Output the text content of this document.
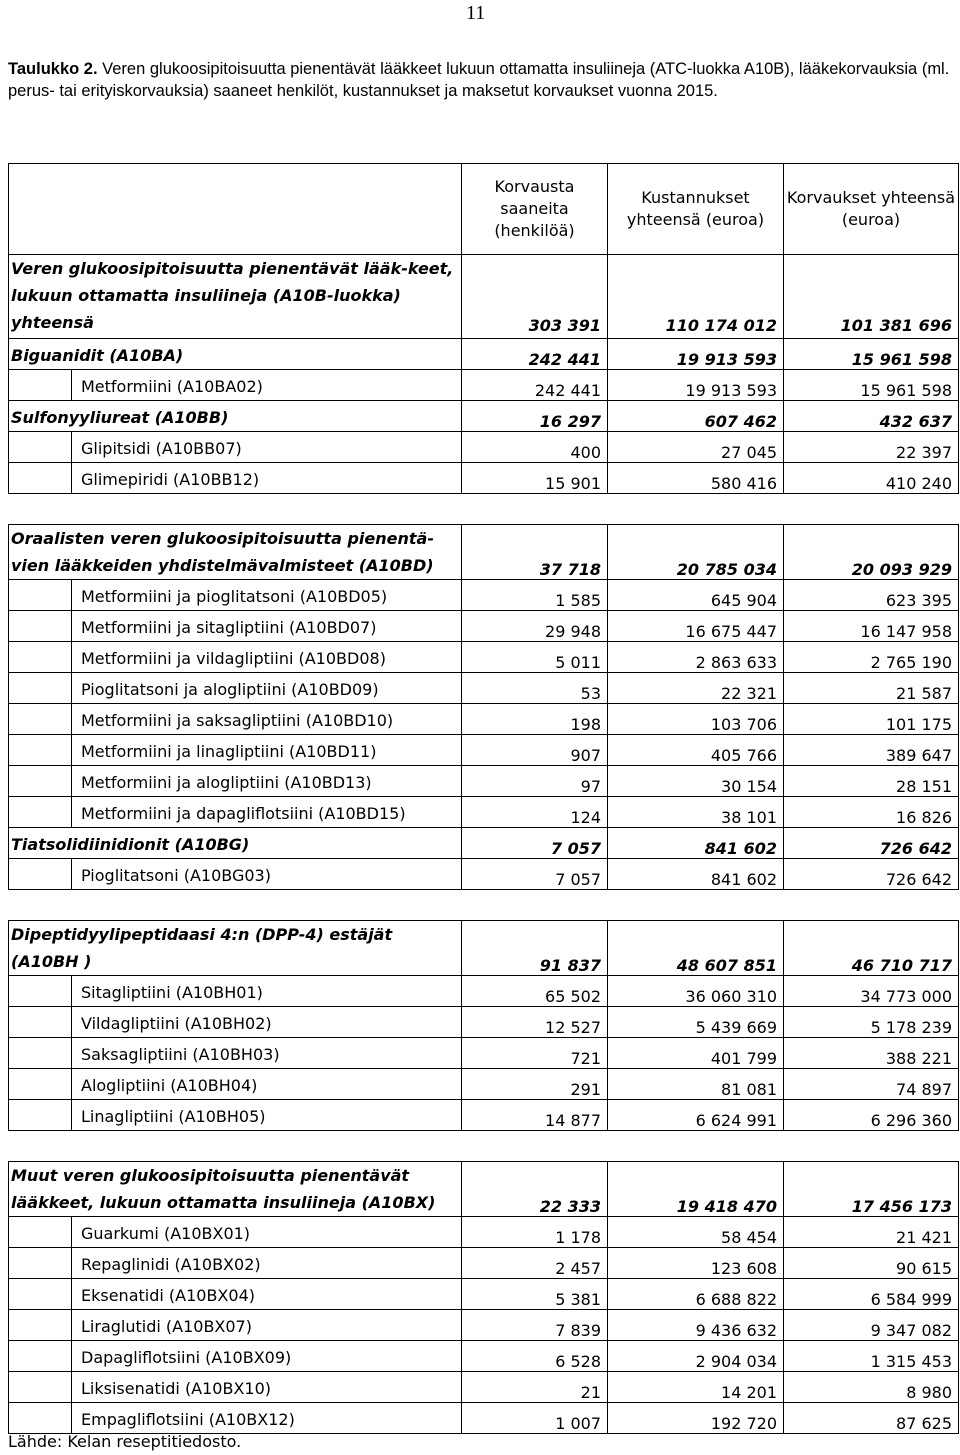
11
Taulukko 2. Veren glukoosipitoisuutta pienentävät lääkkeet lukuun ottamatta insuliineja (ATC-luokka A10B), lääkekorvauksia (ml. perus- tai erityiskorvauksia) saaneet henkilöt, kustannukset ja maksetut korvaukset vuonna 2015.
		Korvausta saaneita (henkilöä)	Kustannukset yhteensä (euroa)	Korvaukset yhteensä (euroa)
Veren glukoosipitoisuutta pienentävät lääk-keet, lukuun ottamatta insuliineja (A10B-luokka) yhteensä		303 391	110 174 012	101 381 696
Biguanidit (A10BA)		242 441	19 913 593	15 961 598
	Metformiini (A10BA02)	242 441	19 913 593	15 961 598
Sulfonyyliureat (A10BB)		16 297	607 462	432 637
	Glipitsidi (A10BB07)	400	27 045	22 397
	Glimepiridi (A10BB12)	15 901	580 416	410 240

Oraalisten veren glukoosipitoisuutta pienentä-vien lääkkeiden yhdistelmävalmisteet (A10BD)		37 718	20 785 034	20 093 929
	Metformiini ja pioglitatsoni (A10BD05)	1 585	645 904	623 395
	Metformiini ja sitagliptiini (A10BD07)	29 948	16 675 447	16 147 958
	Metformiini ja vildagliptiini (A10BD08)	5 011	2 863 633	2 765 190
	Pioglitatsoni ja alogliptiini (A10BD09)	53	22 321	21 587
	Metformiini ja saksagliptiini (A10BD10)	198	103 706	101 175
	Metformiini ja linagliptiini (A10BD11)	907	405 766	389 647
	Metformiini ja alogliptiini (A10BD13)	97	30 154	28 151
	Metformiini ja dapagliflotsiini (A10BD15)	124	38 101	16 826
Tiatsolidiinidionit (A10BG)		7 057	841 602	726 642
	Pioglitatsoni (A10BG03)	7 057	841 602	726 642

Dipeptidyylipeptidaasi 4:n (DPP-4) estäjät (A10BH )		91 837	48 607 851	46 710 717
	Sitagliptiini (A10BH01)	65 502	36 060 310	34 773 000
	Vildagliptiini (A10BH02)	12 527	5 439 669	5 178 239
	Saksagliptiini (A10BH03)	721	401 799	388 221
	Alogliptiini (A10BH04)	291	81 081	74 897
	Linagliptiini (A10BH05)	14 877	6 624 991	6 296 360

Muut veren glukoosipitoisuutta pienentävät lääkkeet, lukuun ottamatta insuliineja (A10BX)		22 333	19 418 470	17 456 173
	Guarkumi (A10BX01)	1 178	58 454	21 421
	Repaglinidi (A10BX02)	2 457	123 608	90 615
	Eksenatidi (A10BX04)	5 381	6 688 822	6 584 999
	Liraglutidi (A10BX07)	7 839	9 436 632	9 347 082
	Dapagliflotsiini (A10BX09)	6 528	2 904 034	1 315 453
	Liksisenatidi (A10BX10)	21	14 201	8 980
	Empagliflotsiini (A10BX12)	1 007	192 720	87 625
Lähde: Kelan reseptitiedosto.
